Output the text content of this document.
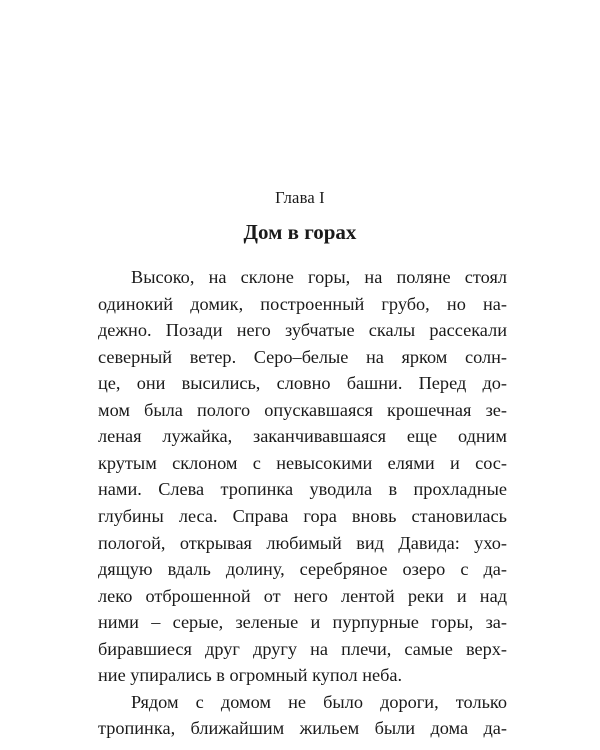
Глава I
Дом в горах
Высоко, на склоне горы, на поляне стоял
одинокий домик, построенный грубо, но на-
дежно. Позади него зубчатые скалы рассекали
северный ветер. Серо–белые на ярком солн-
це, они высились, словно башни. Перед до-
мом была полого опускавшаяся крошечная зе-
леная лужайка, заканчивавшаяся еще одним
крутым склоном с невысокими елями и сос-
нами. Слева тропинка уводила в прохладные
глубины леса. Справа гора вновь становилась
пологой, открывая любимый вид Давида: ухо-
дящую вдаль долину, серебряное озеро с да-
леко отброшенной от него лентой реки и над
ними – серые, зеленые и пурпурные горы, за-
биравшиеся друг другу на плечи, самые верх-
ние упирались в огромный купол неба.
Рядом с домом не было дороги, только
тропинка, ближайшим жильем были дома да-
